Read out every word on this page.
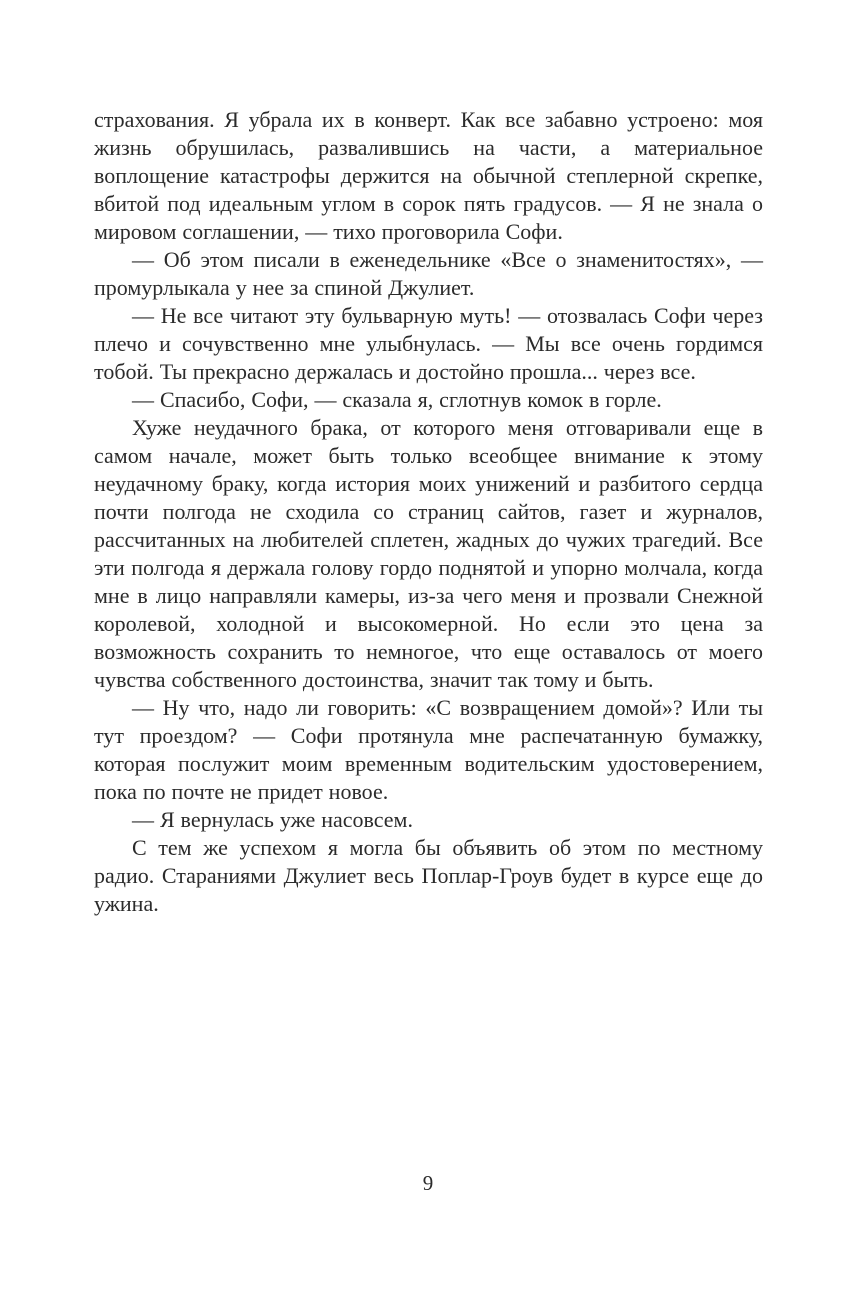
страхования. Я убрала их в конверт. Как все забавно устроено: моя жизнь обрушилась, развалившись на части, а материальное воплощение катастрофы держится на обычной степлерной скрепке, вбитой под идеальным углом в сорок пять градусов. — Я не знала о мировом соглашении, — тихо проговорила Софи.

— Об этом писали в еженедельнике «Все о знаменитостях», — промурлыкала у нее за спиной Джулиет.

— Не все читают эту бульварную муть! — отозвалась Софи через плечо и сочувственно мне улыбнулась. — Мы все очень гордимся тобой. Ты прекрасно держалась и достойно прошла... через все.

— Спасибо, Софи, — сказала я, сглотнув комок в горле.

Хуже неудачного брака, от которого меня отговаривали еще в самом начале, может быть только всеобщее внимание к этому неудачному браку, когда история моих унижений и разбитого сердца почти полгода не сходила со страниц сайтов, газет и журналов, рассчитанных на любителей сплетен, жадных до чужих трагедий. Все эти полгода я держала голову гордо поднятой и упорно молчала, когда мне в лицо направляли камеры, из-за чего меня и прозвали Снежной королевой, холодной и высокомерной. Но если это цена за возможность сохранить то немногое, что еще оставалось от моего чувства собственного достоинства, значит так тому и быть.

— Ну что, надо ли говорить: «С возвращением домой»? Или ты тут проездом? — Софи протянула мне распечатанную бумажку, которая послужит моим временным водительским удостоверением, пока по почте не придет новое.

— Я вернулась уже насовсем.

С тем же успехом я могла бы объявить об этом по местному радио. Стараниями Джулиет весь Поплар-Гроув будет в курсе еще до ужина.

9
